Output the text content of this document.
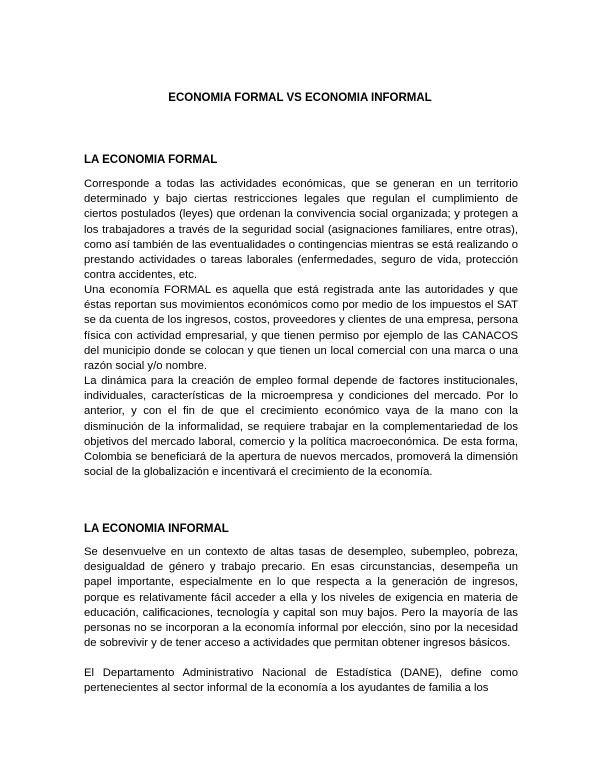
ECONOMIA FORMAL VS ECONOMIA INFORMAL
LA ECONOMIA FORMAL

Corresponde a todas las actividades económicas, que se generan en un territorio determinado y bajo ciertas restricciones legales que regulan el cumplimiento de ciertos postulados (leyes) que ordenan la convivencia social organizada; y protegen a los trabajadores a través de la seguridad social (asignaciones familiares, entre otras), como así también de las eventualidades o contingencias mientras se está realizando o prestando actividades o tareas laborales (enfermedades, seguro de vida, protección contra accidentes, etc.

Una economía FORMAL es aquella que está registrada ante las autoridades y que éstas reportan sus movimientos económicos como por medio de los impuestos el SAT se da cuenta de los ingresos, costos, proveedores y clientes de una empresa, persona física con actividad empresarial, y que tienen permiso por ejemplo de las CANACOS del municipio donde se colocan y que tienen un local comercial con una marca o una razón social y/o nombre.

La dinámica para la creación de empleo formal depende de factores institucionales, individuales, características de la microempresa y condiciones del mercado. Por lo anterior, y con el fin de que el crecimiento económico vaya de la mano con la disminución de la informalidad, se requiere trabajar en la complementariedad de los objetivos del mercado laboral, comercio y la política macroeconómica. De esta forma, Colombia se beneficiará de la apertura de nuevos mercados, promoverá la dimensión social de la globalización e incentivará el crecimiento de la economía.

LA ECONOMIA INFORMAL

Se desenvuelve en un contexto de altas tasas de desempleo, subempleo, pobreza, desigualdad de género y trabajo precario. En esas circunstancias, desempeña un papel importante, especialmente en lo que respecta a la generación de ingresos, porque es relativamente fácil acceder a ella y los niveles de exigencia en materia de educación, calificaciones, tecnología y capital son muy bajos. Pero la mayoría de las personas no se incorporan a la economía informal por elección, sino por la necesidad de sobrevivir y de tener acceso a actividades que permitan obtener ingresos básicos.

El Departamento Administrativo Nacional de Estadística (DANE), define como pertenecientes al sector informal de la economía a los ayudantes de familia a los
